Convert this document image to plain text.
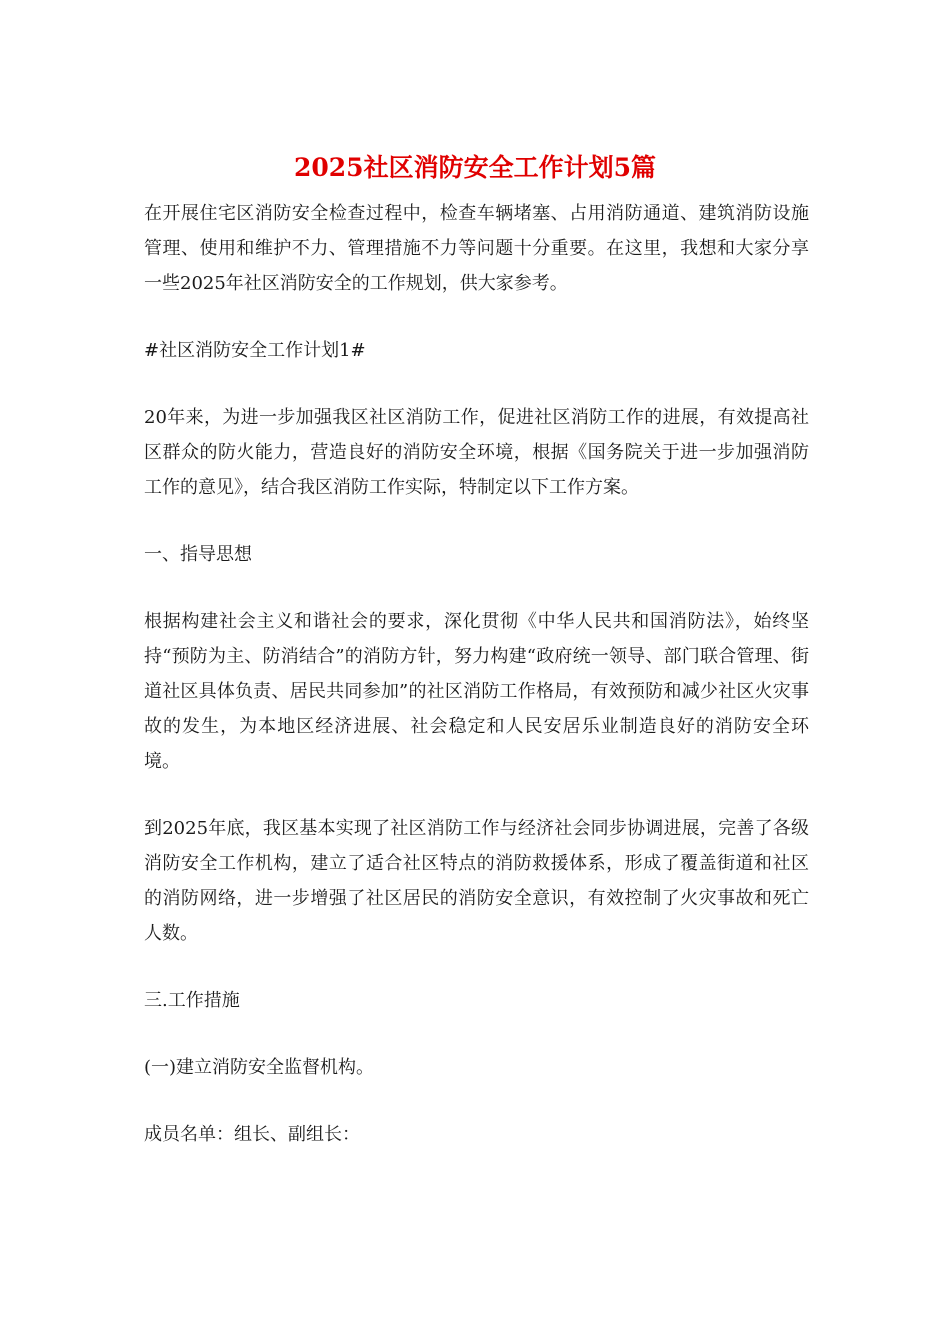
2025社区消防安全工作计划5篇

在开展住宅区消防安全检查过程中，检查车辆堵塞、占用消防通道、建筑消防设施管理、使用和维护不力、管理措施不力等问题十分重要。在这里，我想和大家分享一些2025年社区消防安全的工作规划，供大家参考。

#社区消防安全工作计划1#

20年来，为进一步加强我区社区消防工作，促进社区消防工作的进展，有效提高社区群众的防火能力，营造良好的消防安全环境，根据《国务院关于进一步加强消防工作的意见》，结合我区消防工作实际，特制定以下工作方案。

一、指导思想

根据构建社会主义和谐社会的要求，深化贯彻《中华人民共和国消防法》，始终坚持“预防为主、防消结合”的消防方针，努力构建“政府统一领导、部门联合管理、街道社区具体负责、居民共同参加”的社区消防工作格局，有效预防和减少社区火灾事故的发生，为本地区经济进展、社会稳定和人民安居乐业制造良好的消防安全环境。

到2025年底，我区基本实现了社区消防工作与经济社会同步协调进展，完善了各级消防安全工作机构，建立了适合社区特点的消防救援体系，形成了覆盖街道和社区的消防网络，进一步增强了社区居民的消防安全意识，有效控制了火灾事故和死亡人数。

三.工作措施

(一)建立消防安全监督机构。

成员名单：组长、副组长：
